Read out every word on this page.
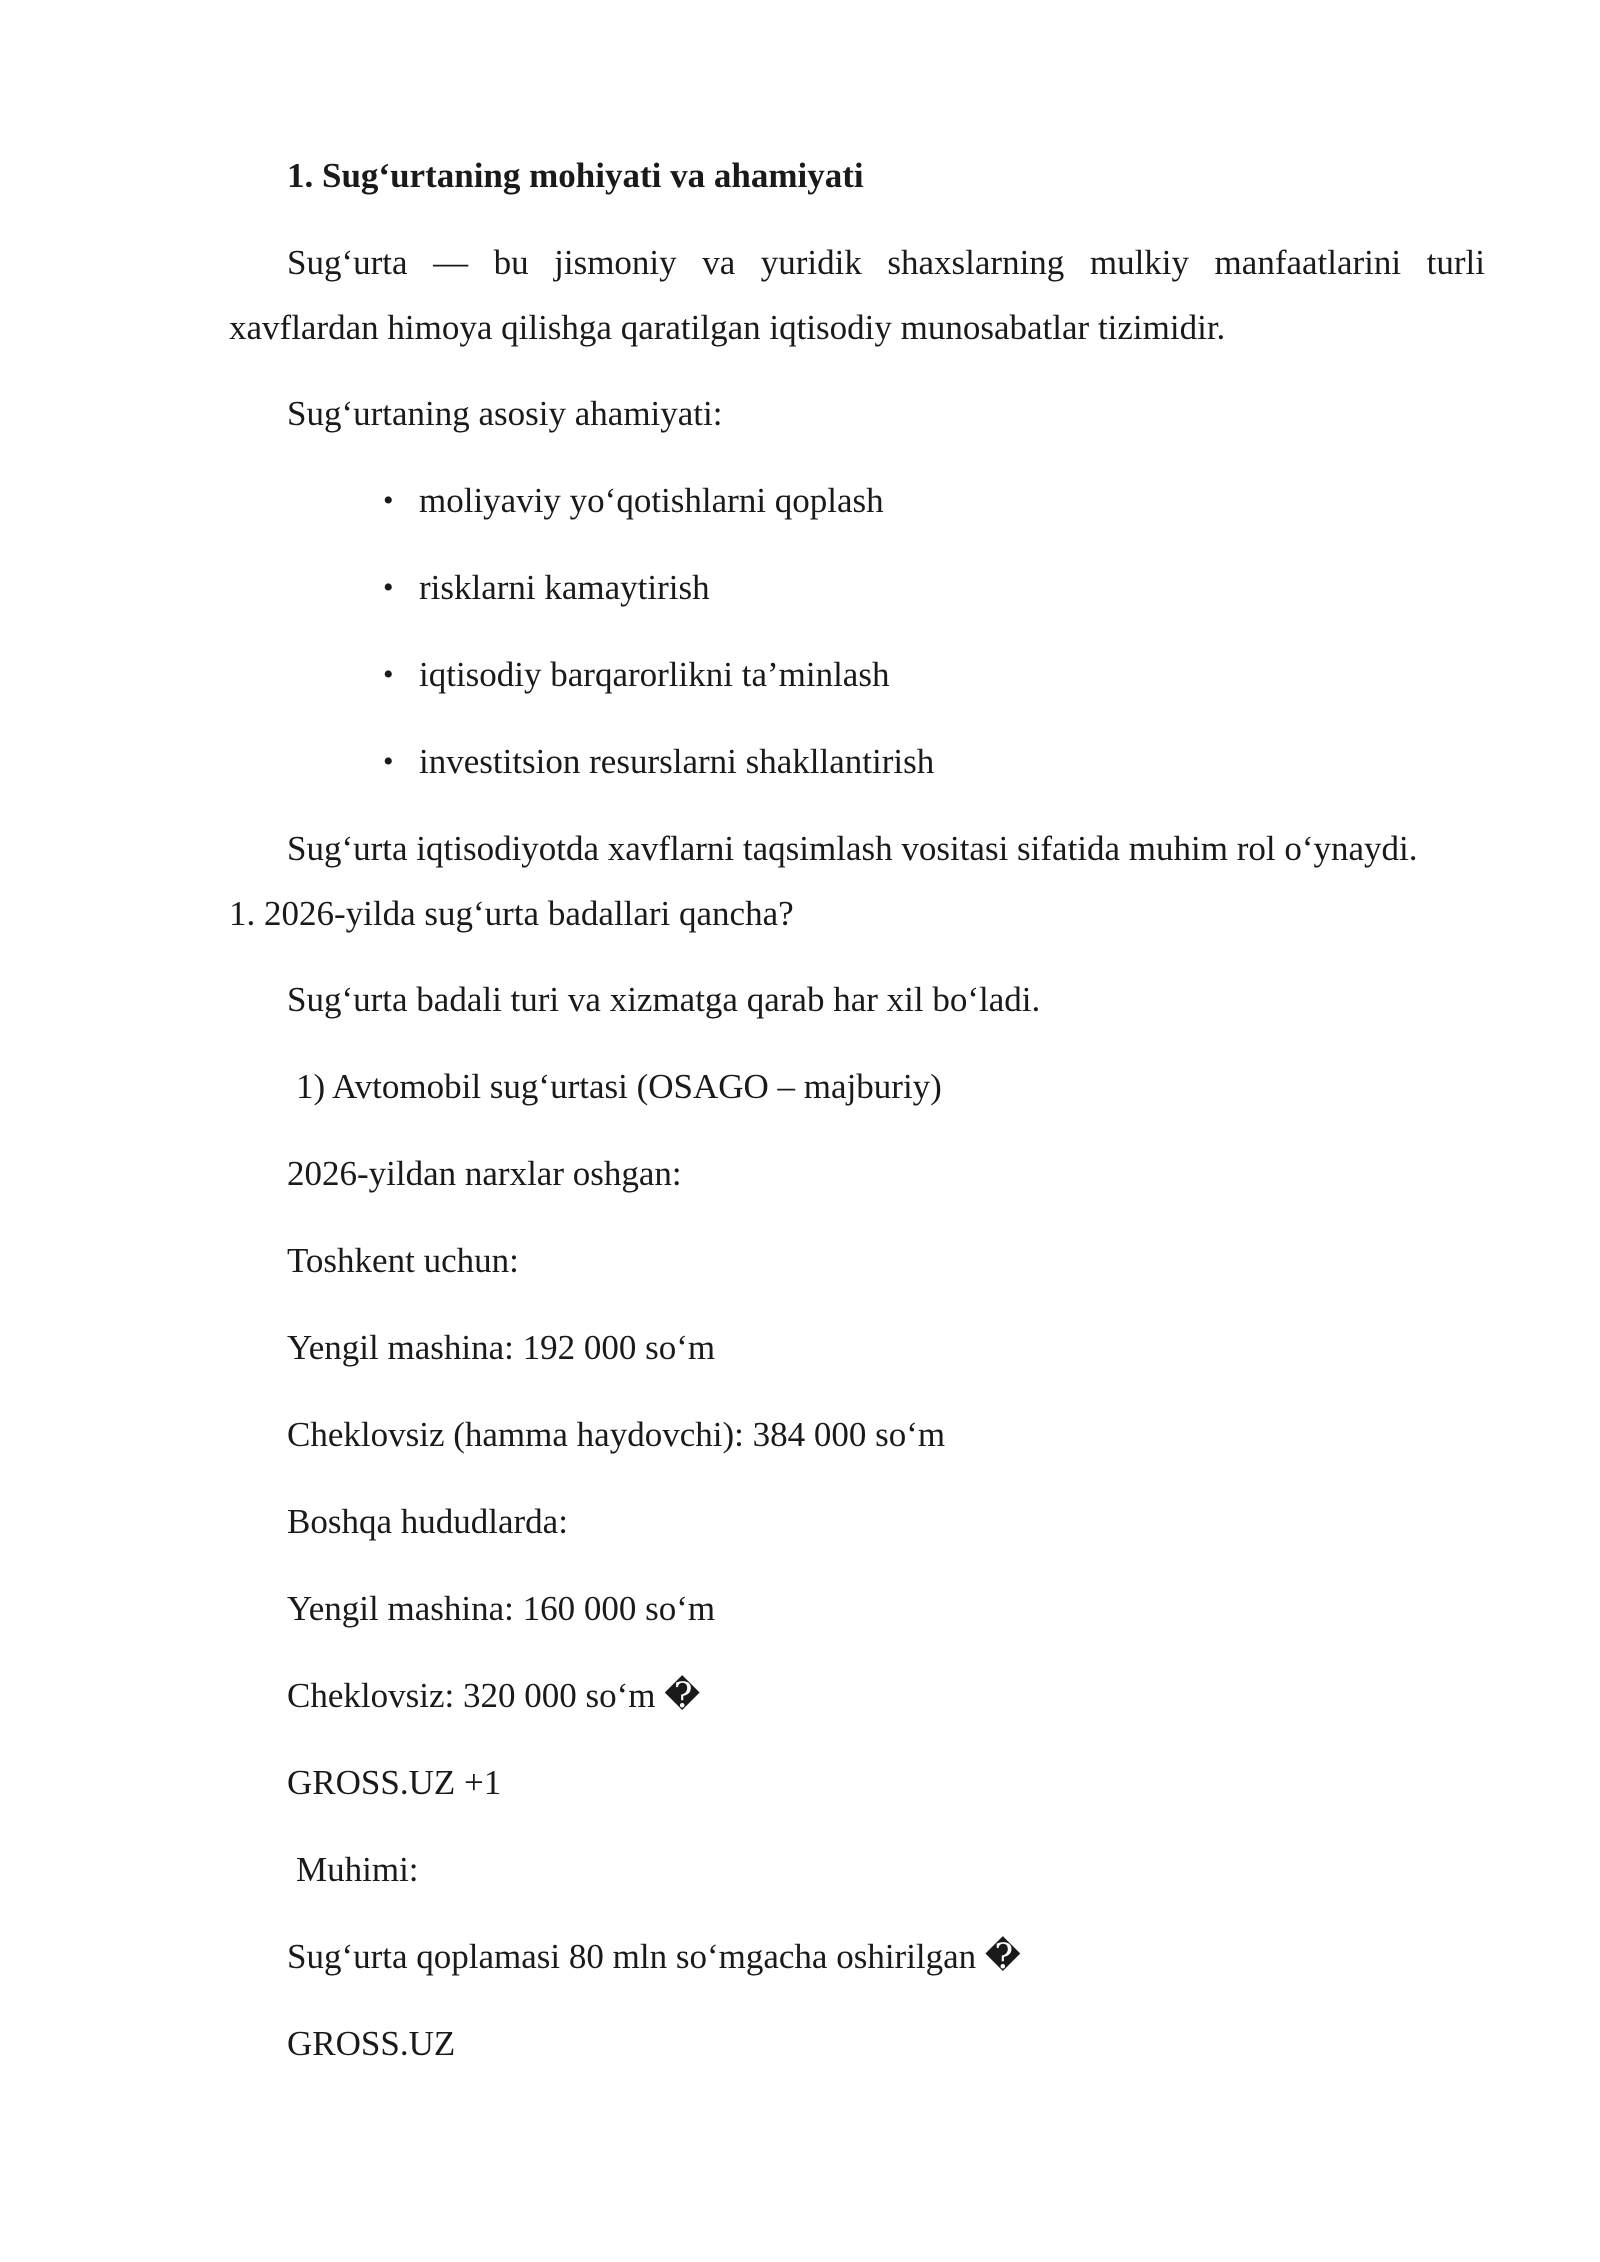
1. Sug‘urtaning mohiyati va ahamiyati
Sug‘urta — bu jismoniy va yuridik shaxslarning mulkiy manfaatlarini turli
xavflardan himoya qilishga qaratilgan iqtisodiy munosabatlar tizimidir.
Sug‘urtaning asosiy ahamiyati:
• moliyaviy yo‘qotishlarni qoplash
• risklarni kamaytirish
• iqtisodiy barqarorlikni ta’minlash
• investitsion resurslarni shakllantirish
Sug‘urta iqtisodiyotda xavflarni taqsimlash vositasi sifatida muhim rol o‘ynaydi.
1. 2026-yilda sug‘urta badallari qancha?
Sug‘urta badali turi va xizmatga qarab har xil bo‘ladi.
1) Avtomobil sug‘urtasi (OSAGO – majburiy)
2026-yildan narxlar oshgan:
Toshkent uchun:
Yengil mashina: 192 000 so‘m
Cheklovsiz (hamma haydovchi): 384 000 so‘m
Boshqa hududlarda:
Yengil mashina: 160 000 so‘m
Cheklovsiz: 320 000 so‘m �
GROSS.UZ +1
Muhimi:
Sug‘urta qoplamasi 80 mln so‘mgacha oshirilgan �
GROSS.UZ
